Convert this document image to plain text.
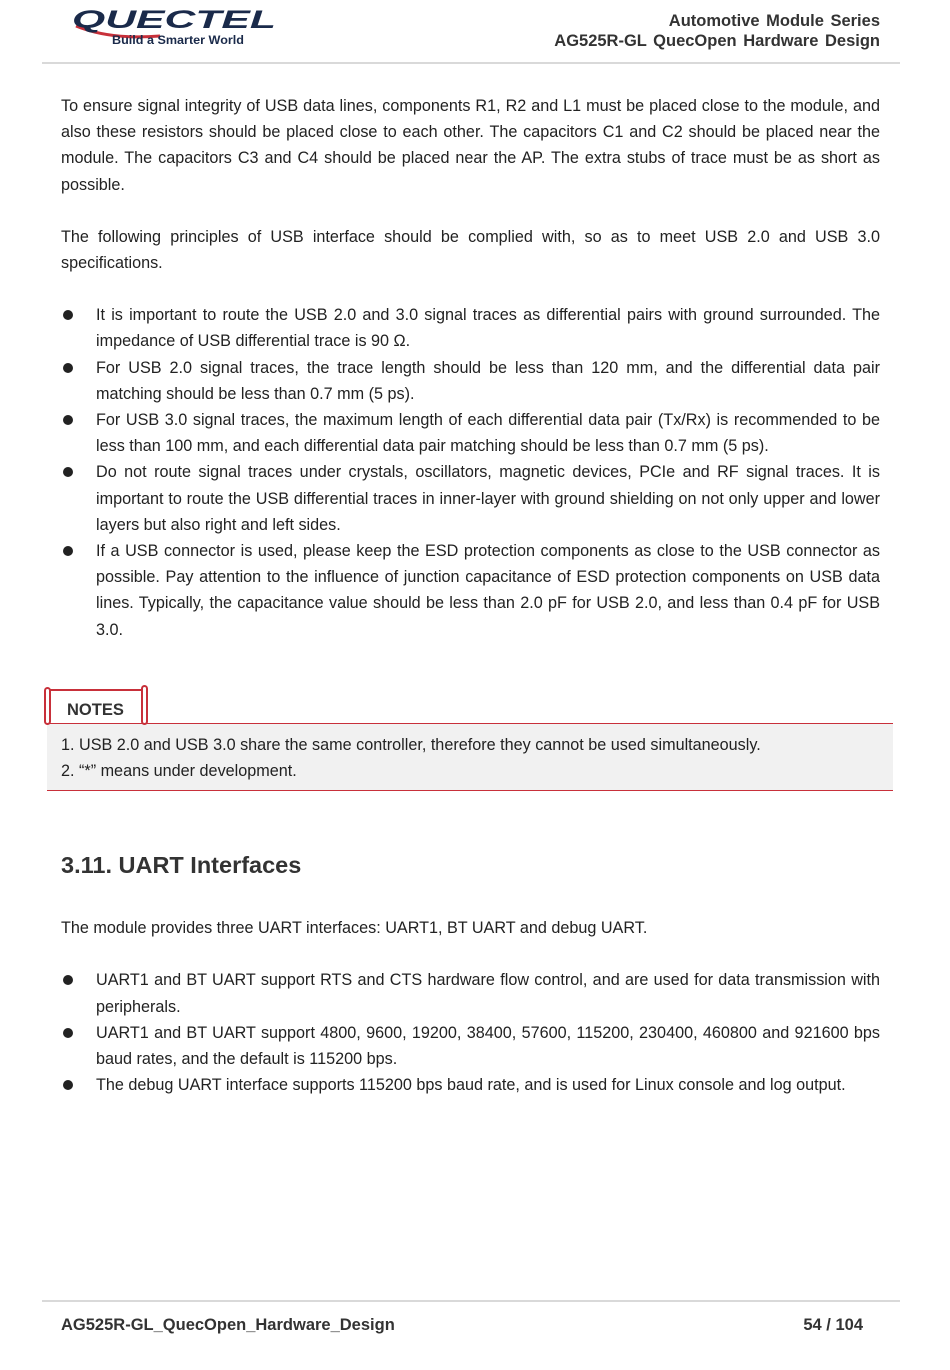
QUECTEL
Build a Smarter World
Automotive Module Series
AG525R-GL QuecOpen Hardware Design

To ensure signal integrity of USB data lines, components R1, R2 and L1 must be placed close to the module, and also these resistors should be placed close to each other. The capacitors C1 and C2 should be placed near the module. The capacitors C3 and C4 should be placed near the AP. The extra stubs of trace must be as short as possible.

The following principles of USB interface should be complied with, so as to meet USB 2.0 and USB 3.0 specifications.

It is important to route the USB 2.0 and 3.0 signal traces as differential pairs with ground surrounded. The impedance of USB differential trace is 90 Ω.
For USB 2.0 signal traces, the trace length should be less than 120 mm, and the differential data pair matching should be less than 0.7 mm (5 ps).
For USB 3.0 signal traces, the maximum length of each differential data pair (Tx/Rx) is recommended to be less than 100 mm, and each differential data pair matching should be less than 0.7 mm (5 ps).
Do not route signal traces under crystals, oscillators, magnetic devices, PCIe and RF signal traces. It is important to route the USB differential traces in inner-layer with ground shielding on not only upper and lower layers but also right and left sides.
If a USB connector is used, please keep the ESD protection components as close to the USB connector as possible. Pay attention to the influence of junction capacitance of ESD protection components on USB data lines. Typically, the capacitance value should be less than 2.0 pF for USB 2.0, and less than 0.4 pF for USB 3.0.
NOTES

1. USB 2.0 and USB 3.0 share the same controller, therefore they cannot be used simultaneously.

2. “*” means under development.

3.11. UART Interfaces

The module provides three UART interfaces: UART1, BT UART and debug UART.

UART1 and BT UART support RTS and CTS hardware flow control, and are used for data transmission with peripherals.
UART1 and BT UART support 4800, 9600, 19200, 38400, 57600, 115200, 230400, 460800 and 921600 bps baud rates, and the default is 115200 bps.
The debug UART interface supports 115200 bps baud rate, and is used for Linux console and log output.
AG525R-GL_QuecOpen_Hardware_Design	54 / 104
